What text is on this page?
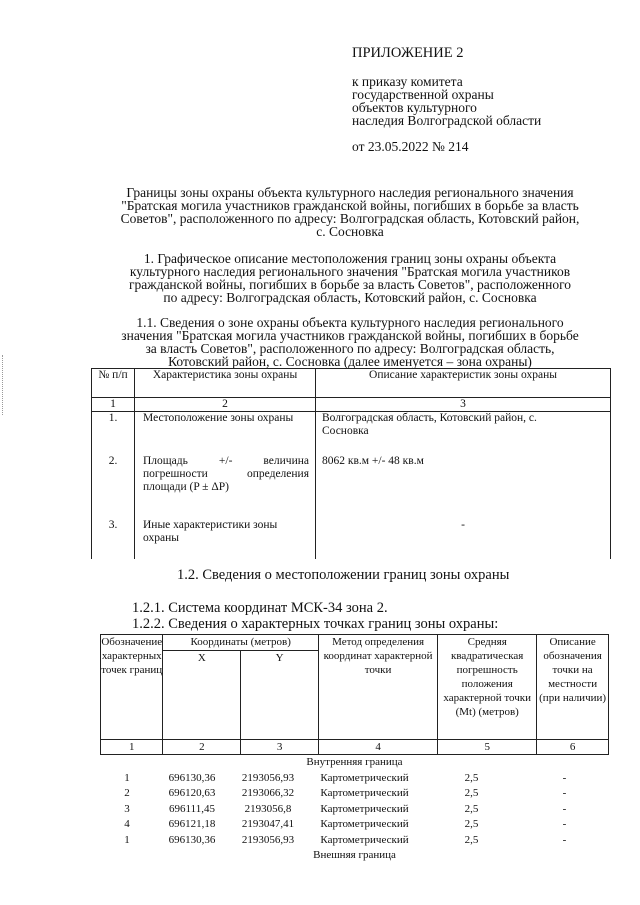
ПРИЛОЖЕНИЕ 2
к приказу комитета
государственной охраны
объектов культурного
наследия Волгоградской области
от 23.05.2022 № 214
Границы зоны охраны объекта культурного наследия регионального значения
"Братская могила участников гражданской войны, погибших в борьбе за власть
Советов", расположенного по адресу: Волгоградская область, Котовский район,
с. Сосновка
1. Графическое описание местоположения границ зоны охраны объекта
культурного наследия регионального значения "Братская могила участников
гражданской войны, погибших в борьбе за власть Советов", расположенного
по адресу: Волгоградская область, Котовский район, с. Сосновка
1.1. Сведения о зоне охраны объекта культурного наследия регионального
значения "Братская могила участников гражданской войны, погибших в борьбе
за власть Советов", расположенного по адресу: Волгоградская область,
Котовский район, с. Сосновка (далее именуется – зона охраны)
№ п/п	Характеристика зоны охраны	Описание характеристик зоны охраны
1	2	3
1.	Местоположение зоны охраны	Волгоградская область, Котовский район, с. Сосновка
2.	Площадь +/- величина погрешности определения площади (P ± ΔP)	8062 кв.м +/- 48 кв.м
3.	Иные характеристики зоны охраны	-
1.2. Сведения о местоположении границ зоны охраны
1.2.1. Система координат МСК-34 зона 2.
1.2.2. Сведения о характерных точках границ зоны охраны:
Обозначение характерных точек границ	Координаты (метров)		Метод определения координат характерной точки	Средняя квадратическая погрешность положения характерной точки (Mt) (метров)	Описание обозначения точки на местности (при наличии)
	X	Y			
1	2	3	4	5	6
Внутренняя граница					
1	696130,36	2193056,93	Картометрический	2,5	-
2	696120,63	2193066,32	Картометрический	2,5	-
3	696111,45	2193056,8	Картометрический	2,5	-
4	696121,18	2193047,41	Картометрический	2,5	-
1	696130,36	2193056,93	Картометрический	2,5	-
Внешняя граница					
